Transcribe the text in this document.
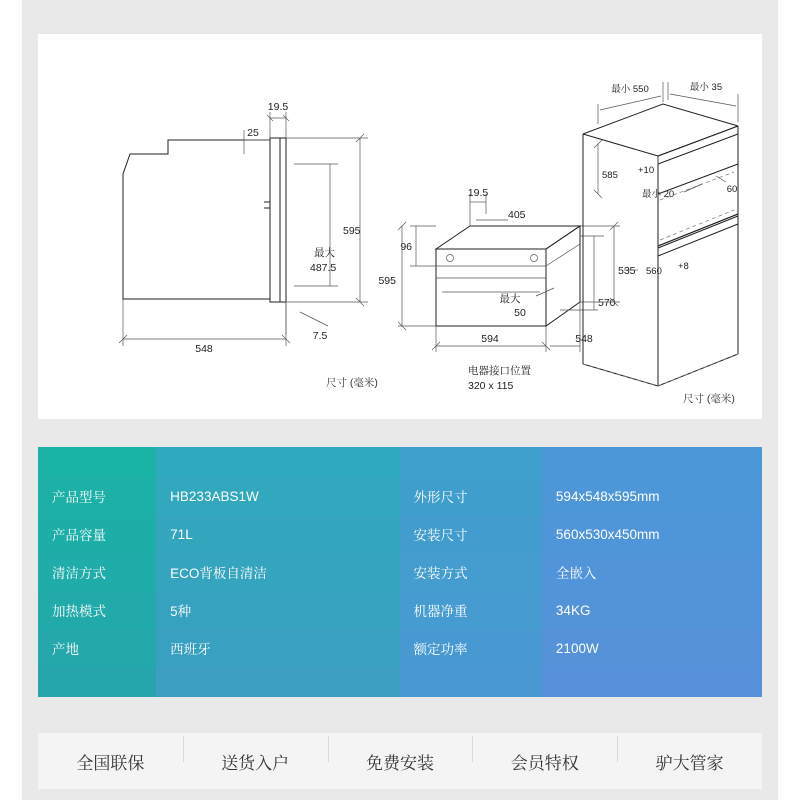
19.5
25
595
最大
487.5
7.5
548
尺寸 (毫米)
19.5
405
96
595
最大
50
570
535
594	548
电器接口位置
320 x 115
最小 550	最小 35
585 +10
最小 20	60
560 +8
尺寸 (毫米)

产品型号	HB233ABS1W	外形尺寸	594x548x595mm
产品容量	71L	安装尺寸	560x530x450mm
清洁方式	ECO背板自清洁	安装方式	全嵌入
加热模式	5种	机器净重	34KG
产地	西班牙	额定功率	2100W

全国联保	送货入户	免费安装	会员特权	驴大管家
